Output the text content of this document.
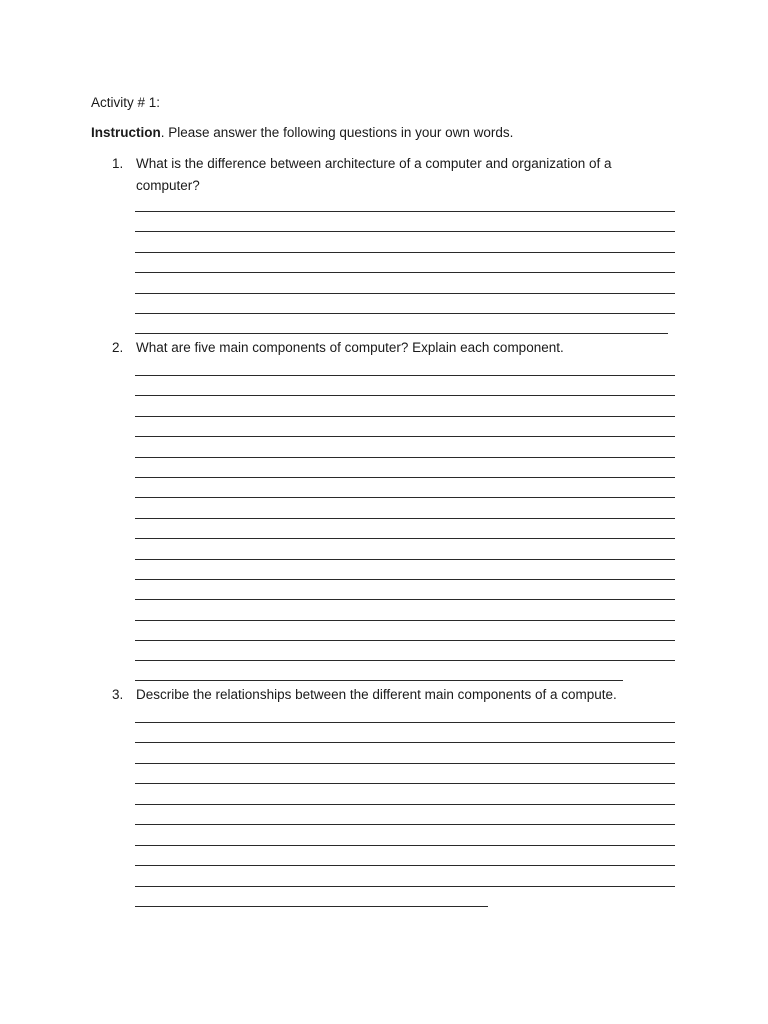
Activity # 1:

Instruction. Please answer the following questions in your own words.

1. What is the difference between architecture of a computer and organization of a computer?
2. What are five main components of computer? Explain each component.
3. Describe the relationships between the different main components of a compute.
